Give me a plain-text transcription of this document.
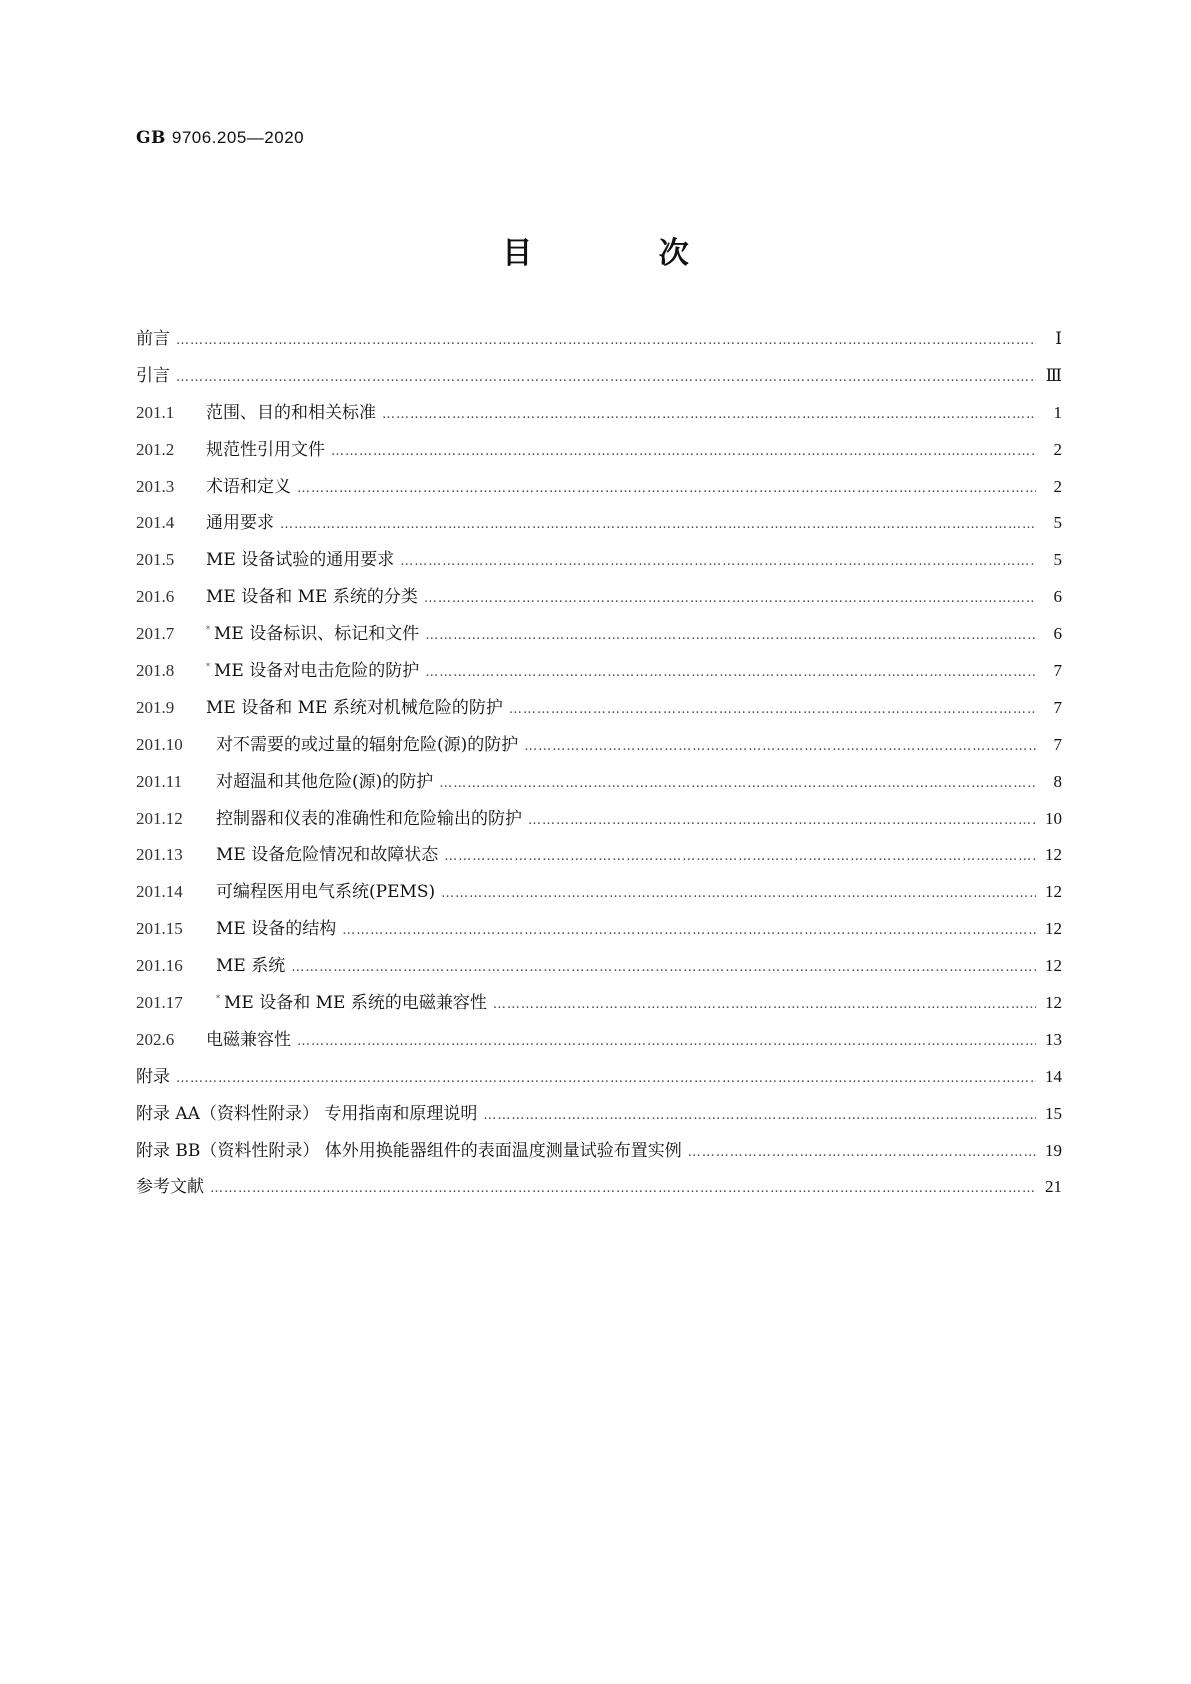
GB 9706.205—2020
目 次
前言 …………………………………………………………………………………………………………………………………………………………………………………………	Ⅰ
引言 …………………………………………………………………………………………………………………………………………………………………………………………	Ⅲ
201.1	范围、目的和相关标准 …………………………………………………………………………………………………………………………………………………………………………………………	1
201.2	规范性引用文件 …………………………………………………………………………………………………………………………………………………………………………………………	2
201.3	术语和定义 …………………………………………………………………………………………………………………………………………………………………………………………	2
201.4	通用要求 …………………………………………………………………………………………………………………………………………………………………………………………	5
201.5	ME 设备试验的通用要求 …………………………………………………………………………………………………………………………………………………………………………………………	5
201.6	ME 设备和 ME 系统的分类 …………………………………………………………………………………………………………………………………………………………………………………………	6
201.7	* ME 设备标识、标记和文件 …………………………………………………………………………………………………………………………………………………………………………………………	6
201.8	* ME 设备对电击危险的防护 …………………………………………………………………………………………………………………………………………………………………………………………	7
201.9	ME 设备和 ME 系统对机械危险的防护 …………………………………………………………………………………………………………………………………………………………………………………………	7
201.10	对不需要的或过量的辐射危险(源)的防护 …………………………………………………………………………………………………………………………………………………………………………………………	7
201.11	对超温和其他危险(源)的防护 …………………………………………………………………………………………………………………………………………………………………………………………	8
201.12	控制器和仪表的准确性和危险输出的防护 …………………………………………………………………………………………………………………………………………………………………………………………	10
201.13	ME 设备危险情况和故障状态 …………………………………………………………………………………………………………………………………………………………………………………………	12
201.14	可编程医用电气系统(PEMS) …………………………………………………………………………………………………………………………………………………………………………………………	12
201.15	ME 设备的结构 …………………………………………………………………………………………………………………………………………………………………………………………	12
201.16	ME 系统 …………………………………………………………………………………………………………………………………………………………………………………………	12
201.17	* ME 设备和 ME 系统的电磁兼容性 …………………………………………………………………………………………………………………………………………………………………………………………	12
202.6	电磁兼容性 …………………………………………………………………………………………………………………………………………………………………………………………	13
附录 …………………………………………………………………………………………………………………………………………………………………………………………	14
附录 AA（资料性附录） 专用指南和原理说明 …………………………………………………………………………………………………………………………………………………………………………………………	15
附录 BB（资料性附录） 体外用换能器组件的表面温度测量试验布置实例 …………………………………………………………………………………………………………………………………………………………………………………………	19
参考文献 …………………………………………………………………………………………………………………………………………………………………………………………	21
